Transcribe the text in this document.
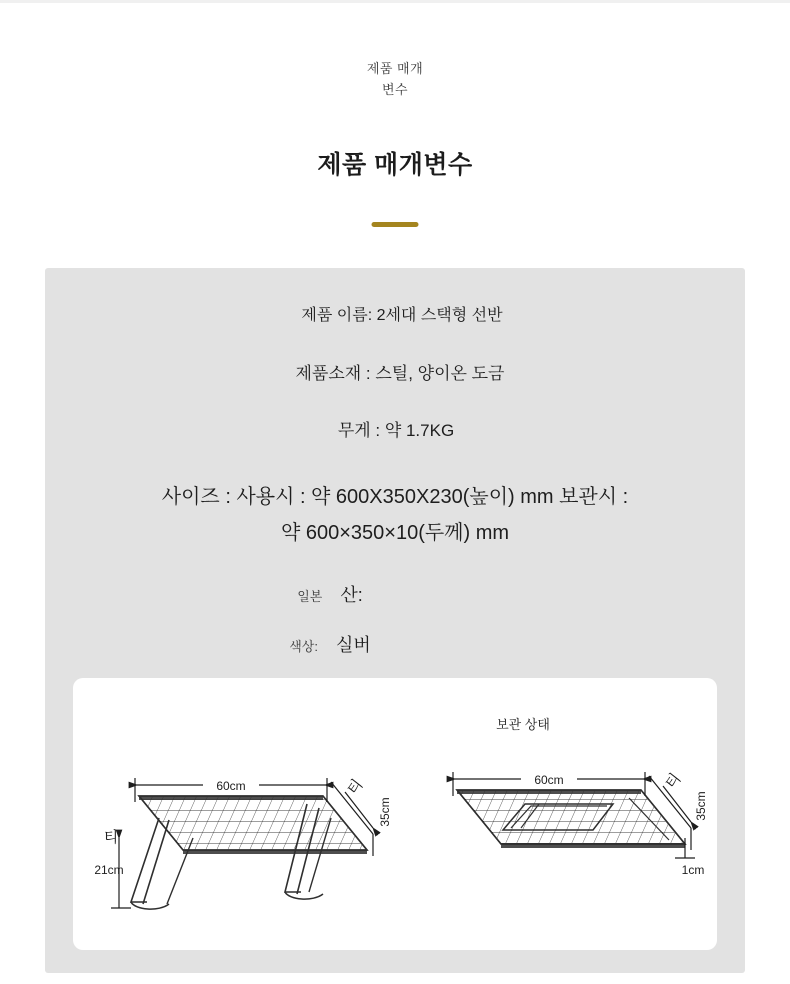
제품 매개
변수
제품 매개변수
제품 이름: 2세대 스택형 선반
제품소재 : 스틸, 양이온 도금
무게 : 약 1.7KG
사이즈 : 사용시 : 약 600X350X230(높이) mm 보관시 :
약 600×350×10(두께) mm
일본 산:
색상: 실버
보관 상태
60cm	티
35cm
티
21cm
60cm	티
35cm
1cm
